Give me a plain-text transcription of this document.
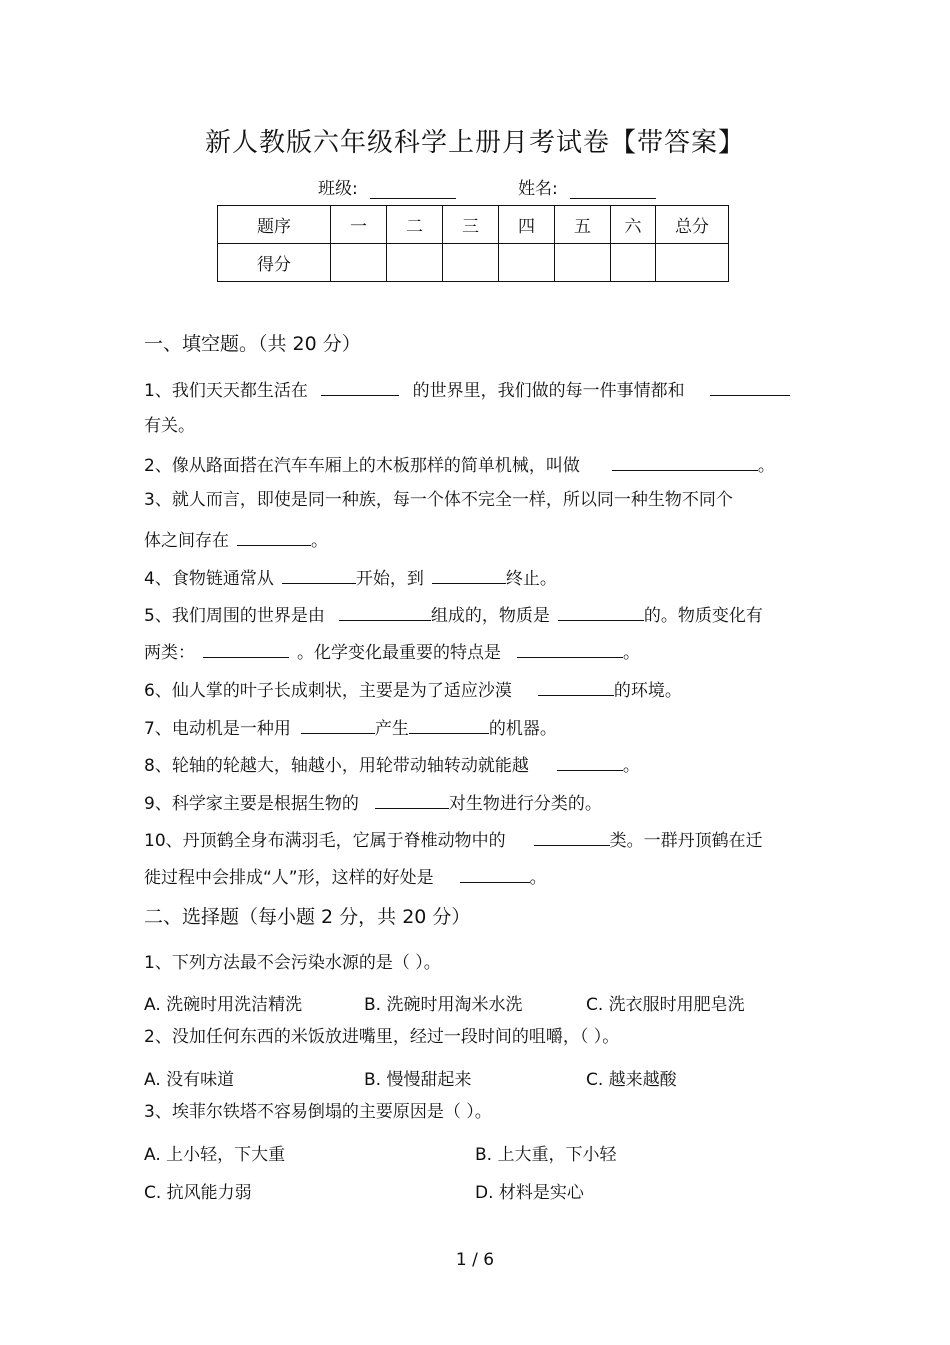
新人教版六年级科学上册月考试卷【带答案】
班级:	姓名:
题序	一	二	三	四	五	六	总分
得分							
一、填空题。（共 20 分）
1、我们天天都生活在	的世界里，我们做的每一件事情都和
有关。
2、像从路面搭在汽车车厢上的木板那样的简单机械，叫做	。
3、就人而言，即使是同一种族，每一个体不完全一样，所以同一种生物不同个
体之间存在	。
4、食物链通常从	开始，到	终止。
5、我们周围的世界是由	组成的，物质是	的。物质变化有
两类：	。化学变化最重要的特点是	。
6、仙人掌的叶子长成刺状，主要是为了适应沙漠	的环境。
7、电动机是一种用	产生	的机器。
8、轮轴的轮越大，轴越小，用轮带动轴转动就能越	。
9、科学家主要是根据生物的	对生物进行分类的。
10、丹顶鹤全身布满羽毛，它属于脊椎动物中的	类。一群丹顶鹤在迁
徙过程中会排成“人”形，这样的好处是	。
二、选择题（每小题 2 分，共 20 分）
1、下列方法最不会污染水源的是（ ）。
A. 洗碗时用洗洁精洗	B. 洗碗时用淘米水洗	C. 洗衣服时用肥皂洗
2、没加任何东西的米饭放进嘴里，经过一段时间的咀嚼，（ ）。
A. 没有味道	B. 慢慢甜起来	C. 越来越酸
3、埃菲尔铁塔不容易倒塌的主要原因是（ ）。
A. 上小轻，下大重	B. 上大重，下小轻
C. 抗风能力弱	D. 材料是实心
1 / 6
